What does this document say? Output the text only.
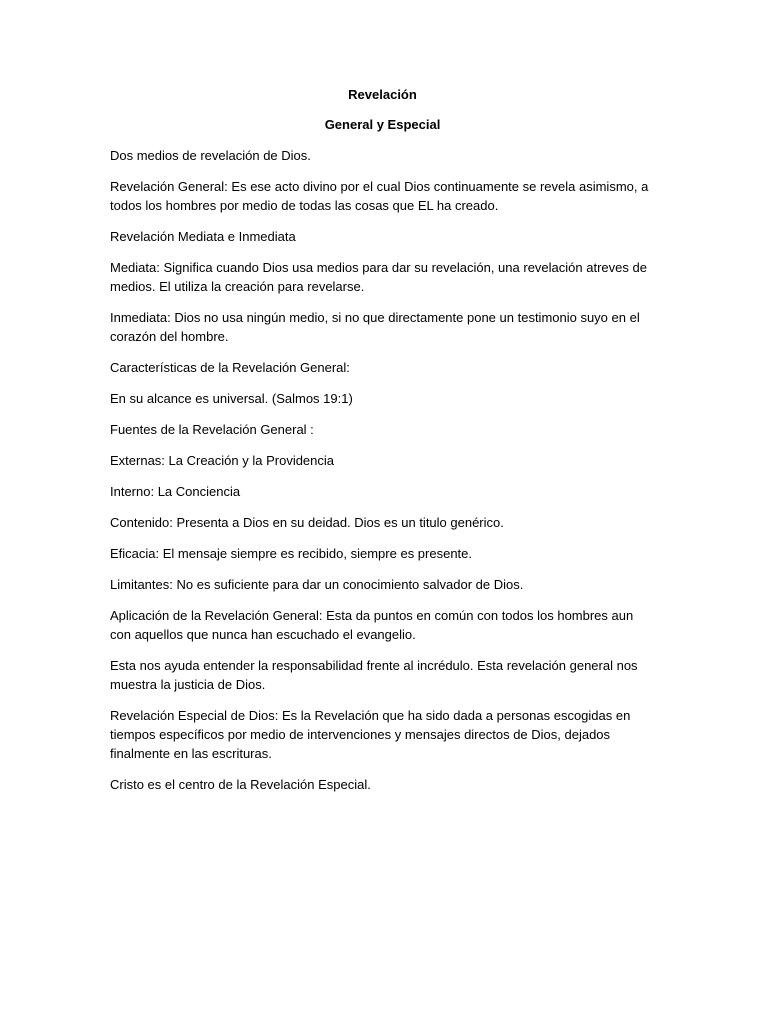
Revelación

General y Especial

Dos medios de revelación de Dios.

Revelación General: Es ese acto divino por el cual Dios continuamente se revela asimismo, a todos los hombres por medio de todas las cosas que EL ha creado.

Revelación Mediata e Inmediata

Mediata: Significa cuando Dios usa medios para dar su revelación, una revelación atreves de medios. El utiliza la creación para revelarse.

Inmediata: Dios no usa ningún medio, si no que directamente pone un testimonio suyo en el corazón del hombre.

Características de la Revelación General:

En su alcance es universal. (Salmos 19:1)

Fuentes de la Revelación General :

Externas: La Creación y la Providencia

Interno: La Conciencia

Contenido: Presenta a Dios en su deidad. Dios es un titulo genérico.

Eficacia: El mensaje siempre es recibido, siempre es presente.

Limitantes: No es suficiente para dar un conocimiento salvador de Dios.

Aplicación de la Revelación General: Esta da puntos en común con todos los hombres aun con aquellos que nunca han escuchado el evangelio.

Esta nos ayuda entender la responsabilidad frente al incrédulo. Esta revelación general nos muestra la justicia de Dios.

Revelación Especial de Dios: Es la Revelación que ha sido dada a personas escogidas en tiempos específicos por medio de intervenciones y mensajes directos de Dios, dejados finalmente en las escrituras.

Cristo es el centro de la Revelación Especial.
